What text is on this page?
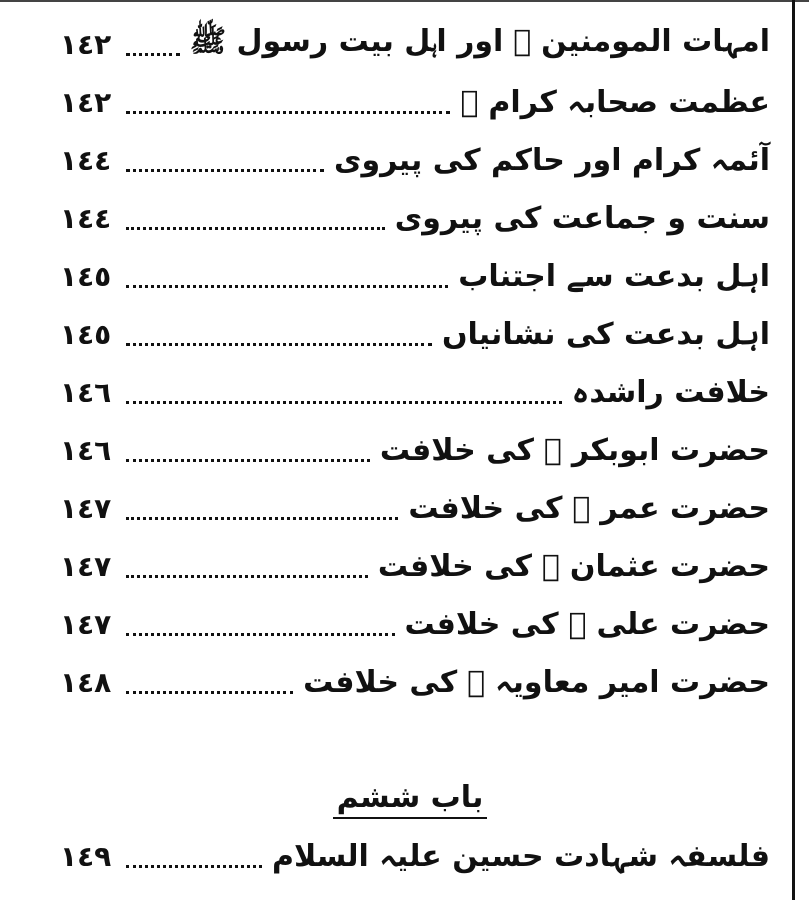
امہات المومنین ﷢ اور اہل بیت رسول ﷺ
١٤٢
عظمت صحابہ کرام ﷢
١٤٢
آئمہ کرام اور حاکم کی پیروی
١٤٤
سنت و جماعت کی پیروی
١٤٤
اہل بدعت سے اجتناب
١٤٥
اہل بدعت کی نشانیاں
١٤٥
خلافت راشدہ
١٤٦
حضرت ابوبکر ﷜ کی خلافت
١٤٦
حضرت عمر ﷜ کی خلافت
١٤٧
حضرت عثمان ﷜ کی خلافت
١٤٧
حضرت علی ﷜ کی خلافت
١٤٧
حضرت امیر معاویہ ﷜ کی خلافت
١٤٨
باب ششم
فلسفہ شہادت حسین علیہ السلام
١٤٩
